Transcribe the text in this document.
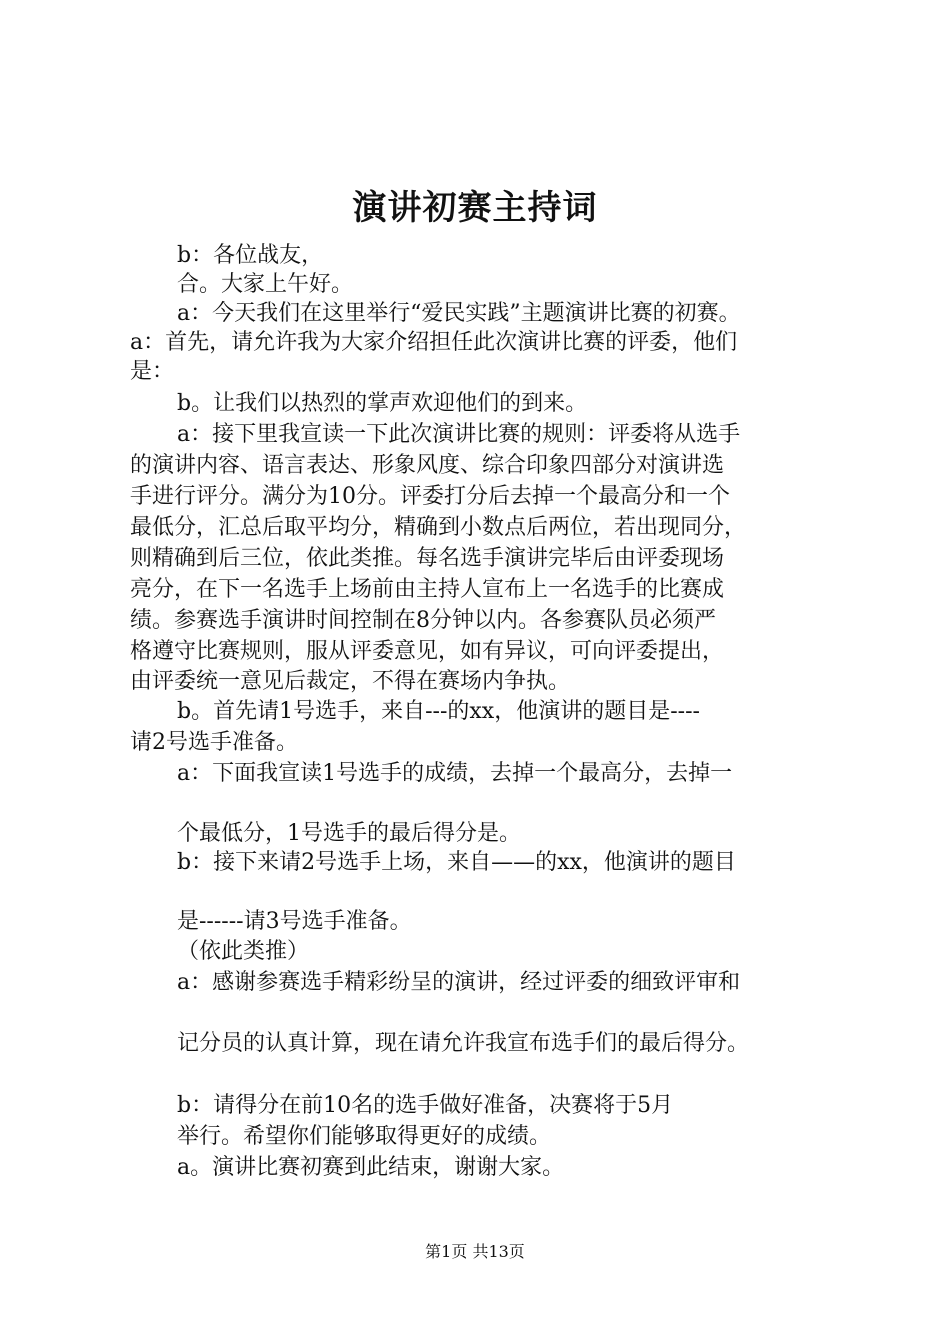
演讲初赛主持词

b：各位战友，

合。大家上午好。

a：今天我们在这里举行“爱民实践”主题演讲比赛的初赛。

a：首先，请允许我为大家介绍担任此次演讲比赛的评委，他们

是：

b。让我们以热烈的掌声欢迎他们的到来。

a：接下里我宣读一下此次演讲比赛的规则：评委将从选手

的演讲内容、语言表达、形象风度、综合印象四部分对演讲选

手进行评分。满分为10分。评委打分后去掉一个最高分和一个

最低分，汇总后取平均分，精确到小数点后两位，若出现同分，

则精确到后三位，依此类推。每名选手演讲完毕后由评委现场

亮分，在下一名选手上场前由主持人宣布上一名选手的比赛成

绩。参赛选手演讲时间控制在8分钟以内。各参赛队员必须严

格遵守比赛规则，服从评委意见，如有异议，可向评委提出，

由评委统一意见后裁定，不得在赛场内争执。

b。首先请1号选手，来自---的xx，他演讲的题目是----

请2号选手准备。

a：下面我宣读1号选手的成绩，去掉一个最高分，去掉一

个最低分，1号选手的最后得分是。

b：接下来请2号选手上场，来自——的xx，他演讲的题目

是------请3号选手准备。

（依此类推）

a：感谢参赛选手精彩纷呈的演讲，经过评委的细致评审和

记分员的认真计算，现在请允许我宣布选手们的最后得分。

b：请得分在前10名的选手做好准备，决赛将于5月

举行。希望你们能够取得更好的成绩。

a。演讲比赛初赛到此结束，谢谢大家。

第1页 共13页
